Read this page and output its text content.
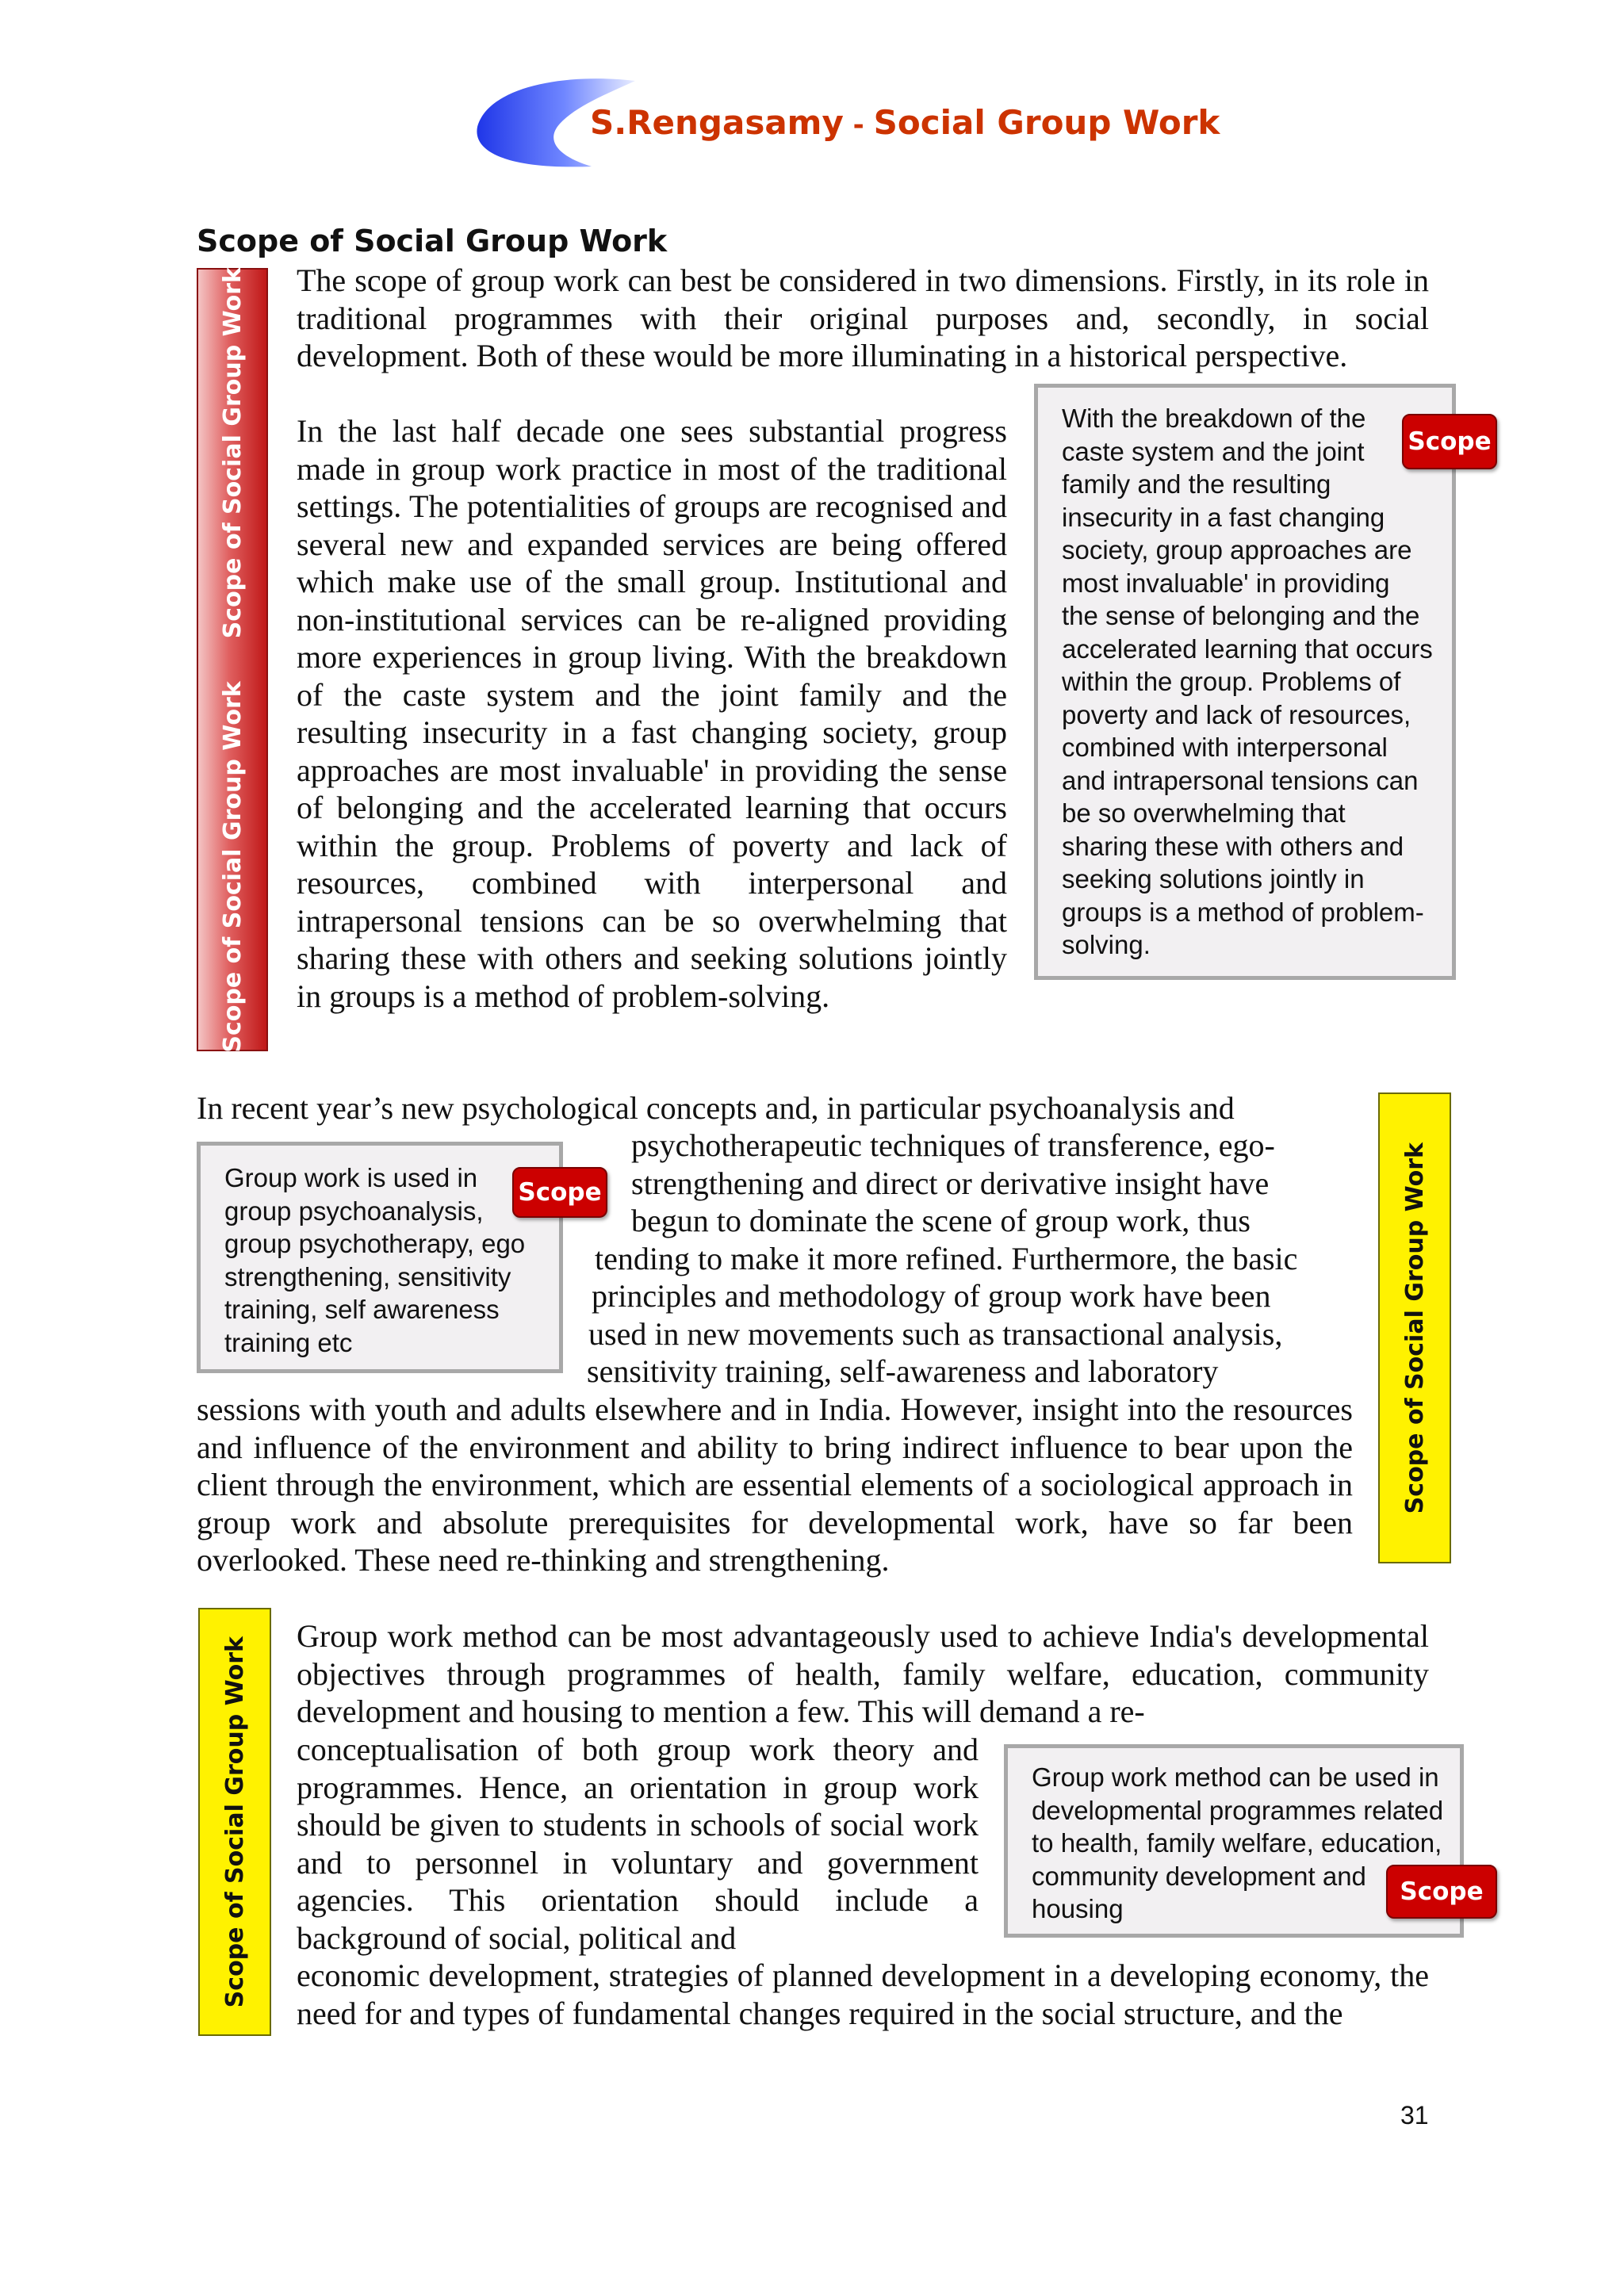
S.Rengasamy - Social Group Work
Scope of Social Group Work
Scope of Social Group WorkScope of Social Group Work The scope of group work can best be considered in two dimensions. Firstly, in its role in traditional programmes with their original purposes and, secondly, in social development. Both of these would be more illuminating in a historical perspective.

In the last half decade one sees substantial progress made in group work practice in most of the traditional settings. The potentialities of groups are recognised and several new and expanded services are being offered which make use of the small group. Institutional and non-institutional services can be re-aligned providing more experiences in group living. With the breakdown of the caste system and the joint family and the resulting insecurity in a fast changing society, group approaches are most invaluable' in providing the sense of belonging and the accelerated learning that occurs within the group. Problems of poverty and lack of resources, combined with interpersonal and intrapersonal tensions can be so overwhelming that sharing these with others and seeking solutions jointly in groups is a method of problem-solving.

With the breakdown of the caste system and the joint family and the resulting insecurity in a fast changing society, group approaches are most invaluable' in providing the sense of belonging and the accelerated learning that occurs within the group. Problems of poverty and lack of resources, combined with interpersonal and intrapersonal tensions can be so overwhelming that sharing these with others and seeking solutions jointly in groups is a method of problem-solving.
Scope

In recent year’s new psychological concepts and, in particular psychoanalysis and

psychotherapeutic techniques of transference, ego-

strengthening and direct or derivative insight have

begun to dominate the scene of group work, thus

tending to make it more refined. Furthermore, the basic

principles and methodology of group work have been

used in new movements such as transactional analysis,

sensitivity training, self-awareness and laboratory

sessions with youth and adults elsewhere and in India. However, insight into the resources and influence of the environment and ability to bring indirect influence to bear upon the client through the environment, which are essential elements of a sociological approach in group work and absolute prerequisites for developmental work, have so far been overlooked. These need re-thinking and strengthening.

Group work is used in group psychoanalysis, group psychotherapy, ego strengthening, sensitivity training, self awareness training etc
Scope	Scope of Social Group Work
Scope of Social Group Work

Group work method can be most advantageously used to achieve India's developmental objectives through programmes of health, family welfare, education, community development and housing to mention a few. This will demand a re-

conceptualisation of both group work theory and programmes. Hence, an orientation in group work should be given to students in schools of social work and to personnel in voluntary and government agencies. This orientation should include a background of social, political and

economic development, strategies of planned development in a developing economy, the need for and types of fundamental changes required in the social structure, and the

Group work method can be used in developmental programmes related to health, family welfare, education, community development and housing
Scope
31
